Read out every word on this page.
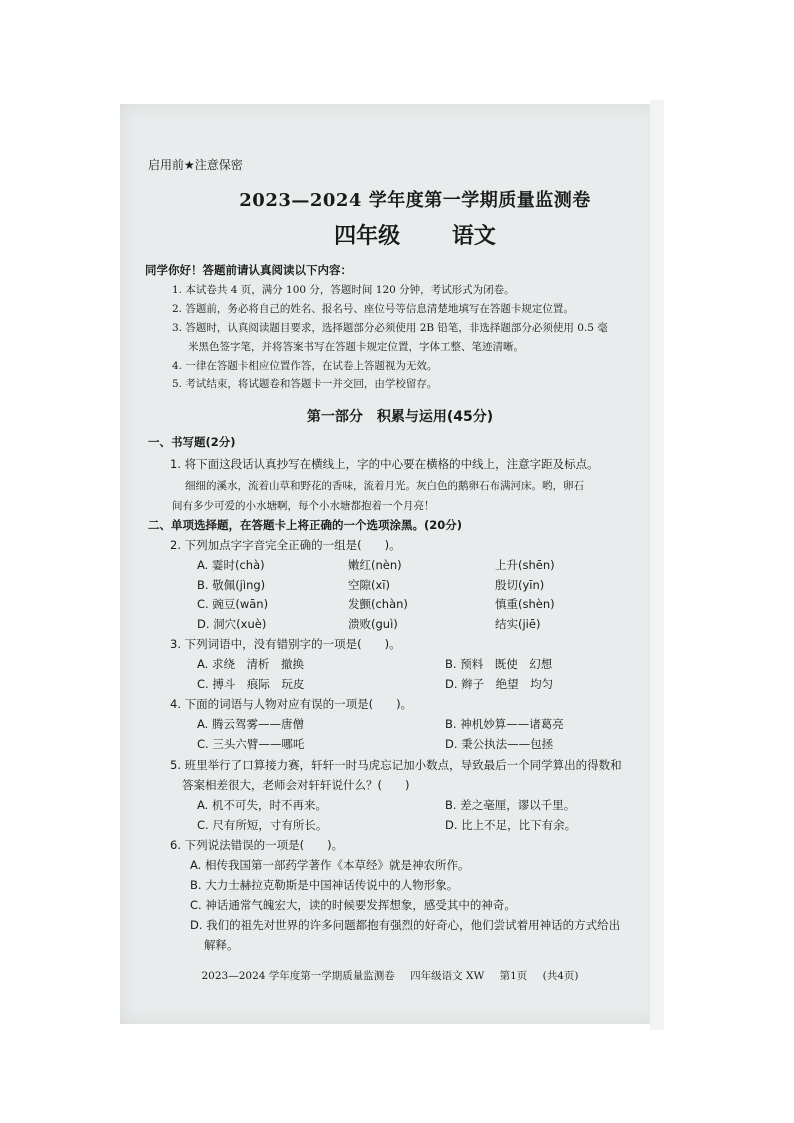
启用前★注意保密
2023—2024 学年度第一学期质量监测卷
四年级 语文
同学你好！答题前请认真阅读以下内容：
1. 本试卷共 4 页，满分 100 分，答题时间 120 分钟，考试形式为闭卷。
2. 答题前，务必将自己的姓名、报名号、座位号等信息清楚地填写在答题卡规定位置。
3. 答题时，认真阅读题目要求，选择题部分必须使用 2B 铅笔，非选择题部分必须使用 0.5 毫
米黑色签字笔，并将答案书写在答题卡规定位置，字体工整、笔迹清晰。
4. 一律在答题卡相应位置作答，在试卷上答题视为无效。
5. 考试结束，将试题卷和答题卡一并交回，由学校留存。
第一部分　积累与运用(45分)
一、书写题(2分)
1. 将下面这段话认真抄写在横线上，字的中心要在横格的中线上，注意字距及标点。
细细的溪水，流着山草和野花的香味，流着月光。灰白色的鹅卵石布满河床。哟，卵石
间有多少可爱的小水塘啊，每个小水塘都抱着一个月亮！
二、单项选择题，在答题卡上将正确的一个选项涂黑。(20分)
2. 下列加点字字音完全正确的一组是(　　)。
A. 霎时(chà)	嫩红(nèn)	上升(shēn)
B. 敬佩(jìng)	空隙(xī)	殷切(yīn)
C. 豌豆(wān)	发颤(chàn)	慎重(shèn)
D. 洞穴(xuè)	溃败(guì)	结实(jiē)
3. 下列词语中，没有错别字的一项是(　　)。
A. 求绕　清析　撤换	B. 预料　既使　幻想
C. 搏斗　痕际　玩皮	D. 辫子　绝望　均匀
4. 下面的词语与人物对应有误的一项是(　　)。
A. 腾云驾雾——唐僧	B. 神机妙算——诸葛亮
C. 三头六臂——哪吒	D. 秉公执法——包拯
5. 班里举行了口算接力赛，轩轩一时马虎忘记加小数点，导致最后一个同学算出的得数和
答案相差很大，老师会对轩轩说什么？(　　)
A. 机不可失，时不再来。	B. 差之毫厘，谬以千里。
C. 尺有所短，寸有所长。	D. 比上不足，比下有余。
6. 下列说法错误的一项是(　　)。
A. 相传我国第一部药学著作《本草经》就是神农所作。
B. 大力士赫拉克勒斯是中国神话传说中的人物形象。
C. 神话通常气魄宏大，读的时候要发挥想象，感受其中的神奇。
D. 我们的祖先对世界的许多问题都抱有强烈的好奇心，他们尝试着用神话的方式给出
解释。
2023—2024 学年度第一学期质量监测卷 四年级语文 XW 第1页 (共4页)
